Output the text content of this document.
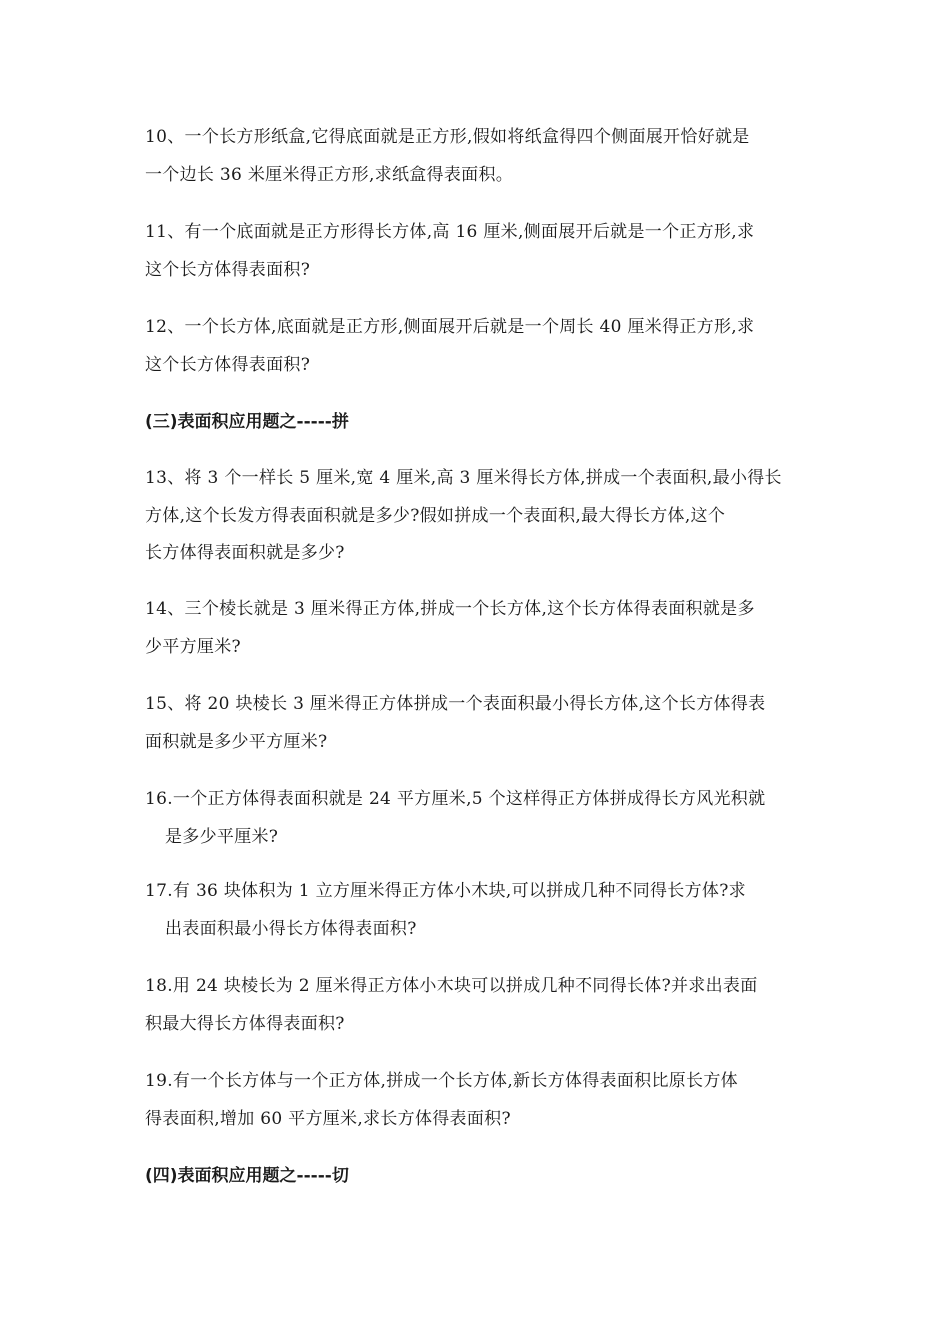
10、一个长方形纸盒,它得底面就是正方形,假如将纸盒得四个侧面展开恰好就是
一个边长 36 米厘米得正方形,求纸盒得表面积。
11、有一个底面就是正方形得长方体,高 16 厘米,侧面展开后就是一个正方形,求
这个长方体得表面积?
12、一个长方体,底面就是正方形,侧面展开后就是一个周长 40 厘米得正方形,求
这个长方体得表面积?
(三)表面积应用题之-----拼
13、将 3 个一样长 5 厘米,宽 4 厘米,高 3 厘米得长方体,拼成一个表面积,最小得长
方体,这个长发方得表面积就是多少?假如拼成一个表面积,最大得长方体,这个
长方体得表面积就是多少?
14、三个棱长就是 3 厘米得正方体,拼成一个长方体,这个长方体得表面积就是多
少平方厘米?
15、将 20 块棱长 3 厘米得正方体拼成一个表面积最小得长方体,这个长方体得表
面积就是多少平方厘米?
16.一个正方体得表面积就是 24 平方厘米,5 个这样得正方体拼成得长方风光积就
是多少平厘米?
17.有 36 块体积为 1 立方厘米得正方体小木块,可以拼成几种不同得长方体?求
出表面积最小得长方体得表面积?
18.用 24 块棱长为 2 厘米得正方体小木块可以拼成几种不同得长体?并求出表面
积最大得长方体得表面积?
19.有一个长方体与一个正方体,拼成一个长方体,新长方体得表面积比原长方体
得表面积,增加 60 平方厘米,求长方体得表面积?
(四)表面积应用题之-----切
